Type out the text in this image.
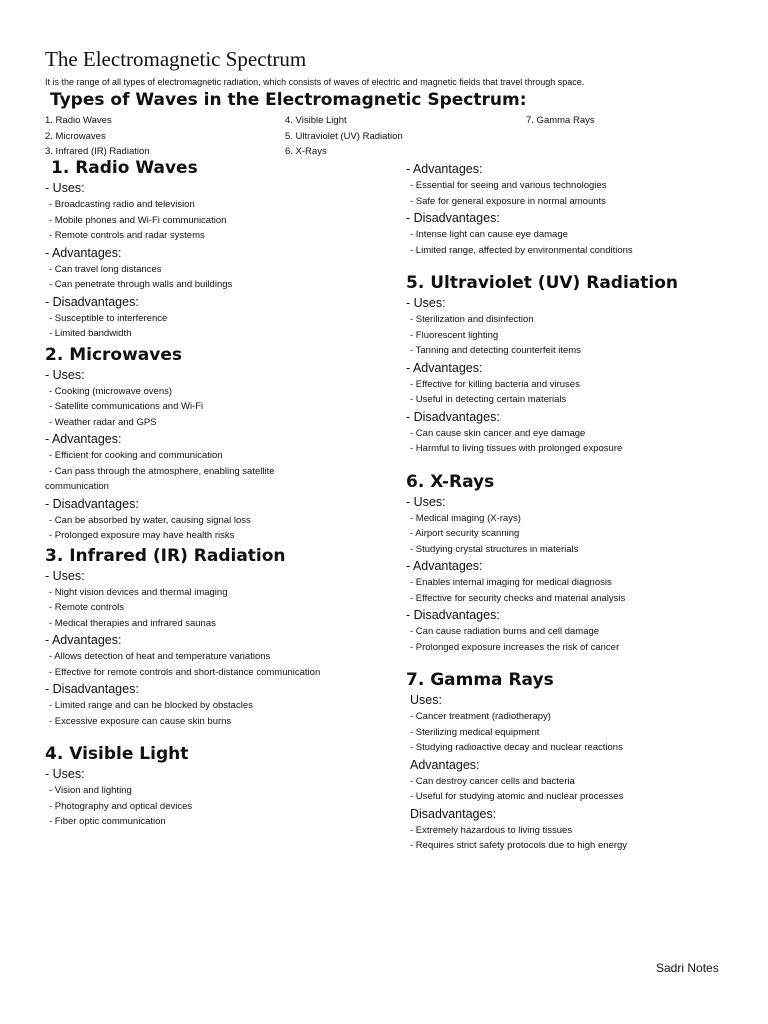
The Electromagnetic Spectrum
It is the range of all types of electromagnetic radiation, which consists of waves of electric and magnetic fields that travel through space.
Types of Waves in the Electromagnetic Spectrum:
1. Radio Waves
2. Microwaves
3. Infrared (IR) Radiation
4. Visible Light
5. Ultraviolet (UV) Radiation
6. X-Rays
7. Gamma Rays
1. Radio Waves
- Uses:
- Broadcasting radio and television
- Mobile phones and Wi-Fi communication
- Remote controls and radar systems
- Advantages:
- Can travel long distances
- Can penetrate through walls and buildings
- Disadvantages:
- Susceptible to interference
- Limited bandwidth
2. Microwaves
- Uses:
- Cooking (microwave ovens)
- Satellite communications and Wi-Fi
- Weather radar and GPS
- Advantages:
- Efficient for cooking and communication
- Can pass through the atmosphere, enabling satellite
communication
- Disadvantages:
- Can be absorbed by water, causing signal loss
- Prolonged exposure may have health risks
3. Infrared (IR) Radiation
- Uses:
- Night vision devices and thermal imaging
- Remote controls
- Medical therapies and infrared saunas
- Advantages:
- Allows detection of heat and temperature variations
- Effective for remote controls and short-distance communication
- Disadvantages:
- Limited range and can be blocked by obstacles
- Excessive exposure can cause skin burns
4. Visible Light
- Uses:
- Vision and lighting
- Photography and optical devices
- Fiber optic communication
- Advantages:
- Essential for seeing and various technologies
- Safe for general exposure in normal amounts
- Disadvantages:
- Intense light can cause eye damage
- Limited range, affected by environmental conditions
5. Ultraviolet (UV) Radiation
- Uses:
- Sterilization and disinfection
- Fluorescent lighting
- Tanning and detecting counterfeit items
- Advantages:
- Effective for killing bacteria and viruses
- Useful in detecting certain materials
- Disadvantages:
- Can cause skin cancer and eye damage
- Harmful to living tissues with prolonged exposure
6. X-Rays
- Uses:
- Medical imaging (X-rays)
- Airport security scanning
- Studying crystal structures in materials
- Advantages:
- Enables internal imaging for medical diagnosis
- Effective for security checks and material analysis
- Disadvantages:
- Can cause radiation burns and cell damage
- Prolonged exposure increases the risk of cancer
7. Gamma Rays
Uses:
- Cancer treatment (radiotherapy)
- Sterilizing medical equipment
- Studying radioactive decay and nuclear reactions
Advantages:
- Can destroy cancer cells and bacteria
- Useful for studying atomic and nuclear processes
Disadvantages:
- Extremely hazardous to living tissues
- Requires strict safety protocols due to high energy
Sadri Notes
